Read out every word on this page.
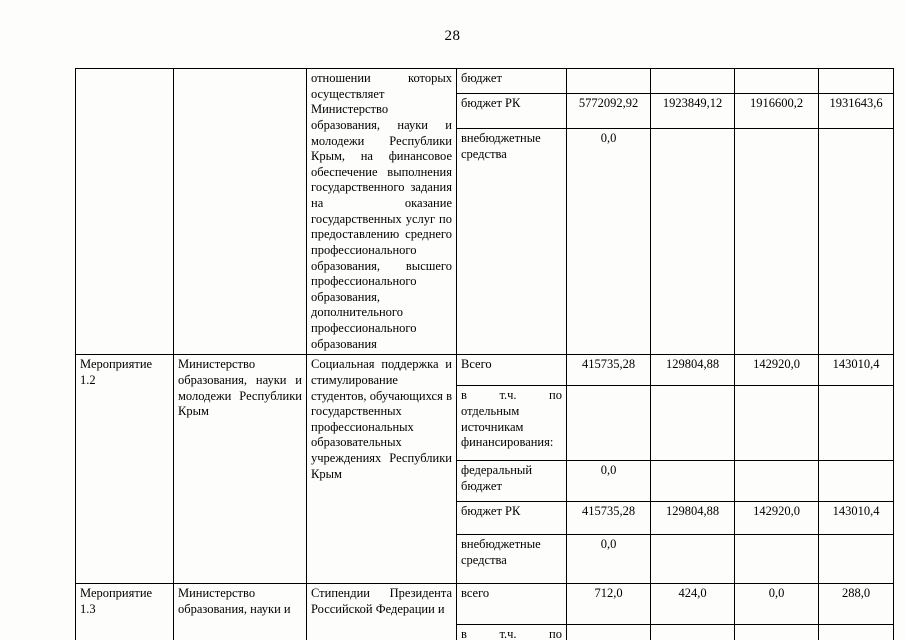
28
		отношении которых осуществляет Министерство образования, науки и молодежи Республики Крым, на финансовое обеспечение выполнения государственного задания на оказание государственных услуг по предоставлению среднего профессионального образования, высшего профессионального образования, дополнительного профессионального образования	бюджет				
			бюджет РК	5772092,92	1923849,12	1916600,2	1931643,6
			внебюджетные средства	0,0			
Мероприятие 1.2	Министерство образования, науки и молодежи Республики Крым	Социальная поддержка и стимулирование студентов, обучающихся в государственных профессиональных образовательных учреждениях Республики Крым	Всего	415735,28	129804,88	142920,0	143010,4
			в т.ч. по отдельным источникам финансирования:				
			федеральный бюджет	0,0			
			бюджет РК	415735,28	129804,88	142920,0	143010,4
			внебюджетные средства	0,0			
Мероприятие 1.3	Министерство образования, науки и	Стипендии Президента Российской Федерации и	всего	712,0	424,0	0,0	288,0
			в т.ч. по				
